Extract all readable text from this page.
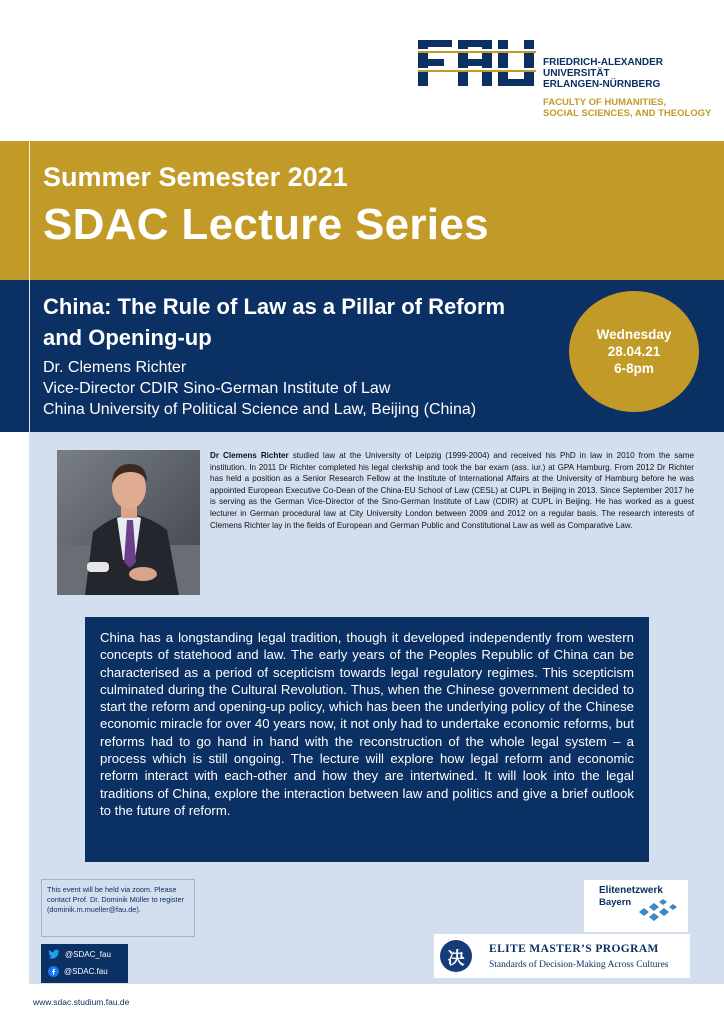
FRIEDRICH-ALEXANDER
UNIVERSITÄT
ERLANGEN-NÜRNBERG
FACULTY OF HUMANITIES,
SOCIAL SCIENCES, AND THEOLOGY
Summer Semester 2021
SDAC Lecture Series
China: The Rule of Law as a Pillar of Reform and Opening-up
Dr. Clemens Richter
Vice-Director CDIR Sino-German Institute of Law
China University of Political Science and Law, Beijing (China)
Wednesday
28.04.21
6-8pm
Dr Clemens Richter studied law at the University of Leipzig (1999-2004) and received his PhD in law in 2010 from the same institution. In 2011 Dr Richter completed his legal clerkship and took the bar exam (ass. iur.) at GPA Hamburg. From 2012 Dr Richter has held a position as a Senior Research Fellow at the Institute of International Affairs at the University of Hamburg before he was appointed European Executive Co-Dean of the China-EU School of Law (CESL) at CUPL in Beijing in 2013. Since September 2017 he is serving as the German Vice-Director of the Sino-German Institute of Law (CDIR) at CUPL in Beijing. He has worked as a guest lecturer in German procedural law at City University London between 2009 and 2012 on a regular basis. The research interests of Clemens Richter lay in the fields of European and German Public and Constitutional Law as well as Comparative Law.
China has a longstanding legal tradition, though it developed independently from western concepts of statehood and law. The early years of the Peoples Republic of China can be characterised as a period of scepticism towards legal regulatory regimes. This scepticism culminated during the Cultural Revolution. Thus, when the Chinese government decided to start the reform and opening-up policy, which has been the underlying policy of the Chinese economic miracle for over 40 years now, it not only had to undertake economic reforms, but reforms had to go hand in hand with the reconstruction of the whole legal system – a process which is still ongoing. The lecture will explore how legal reform and economic reform interact with each-other and how they are intertwined. It will look into the legal traditions of China, explore the interaction between law and politics and give a brief outlook to the future of reform.
This event will be held via zoom. Please contact Prof. Dr. Dominik Müller to register (dominik.m.mueller@fau.de).
@SDAC_fau
@SDAC.fau
www.sdac.studium.fau.de
Elitenetzwerk
Bayern
决	ELITE MASTER’S PROGRAM
Standards of Decision-Making Across Cultures
